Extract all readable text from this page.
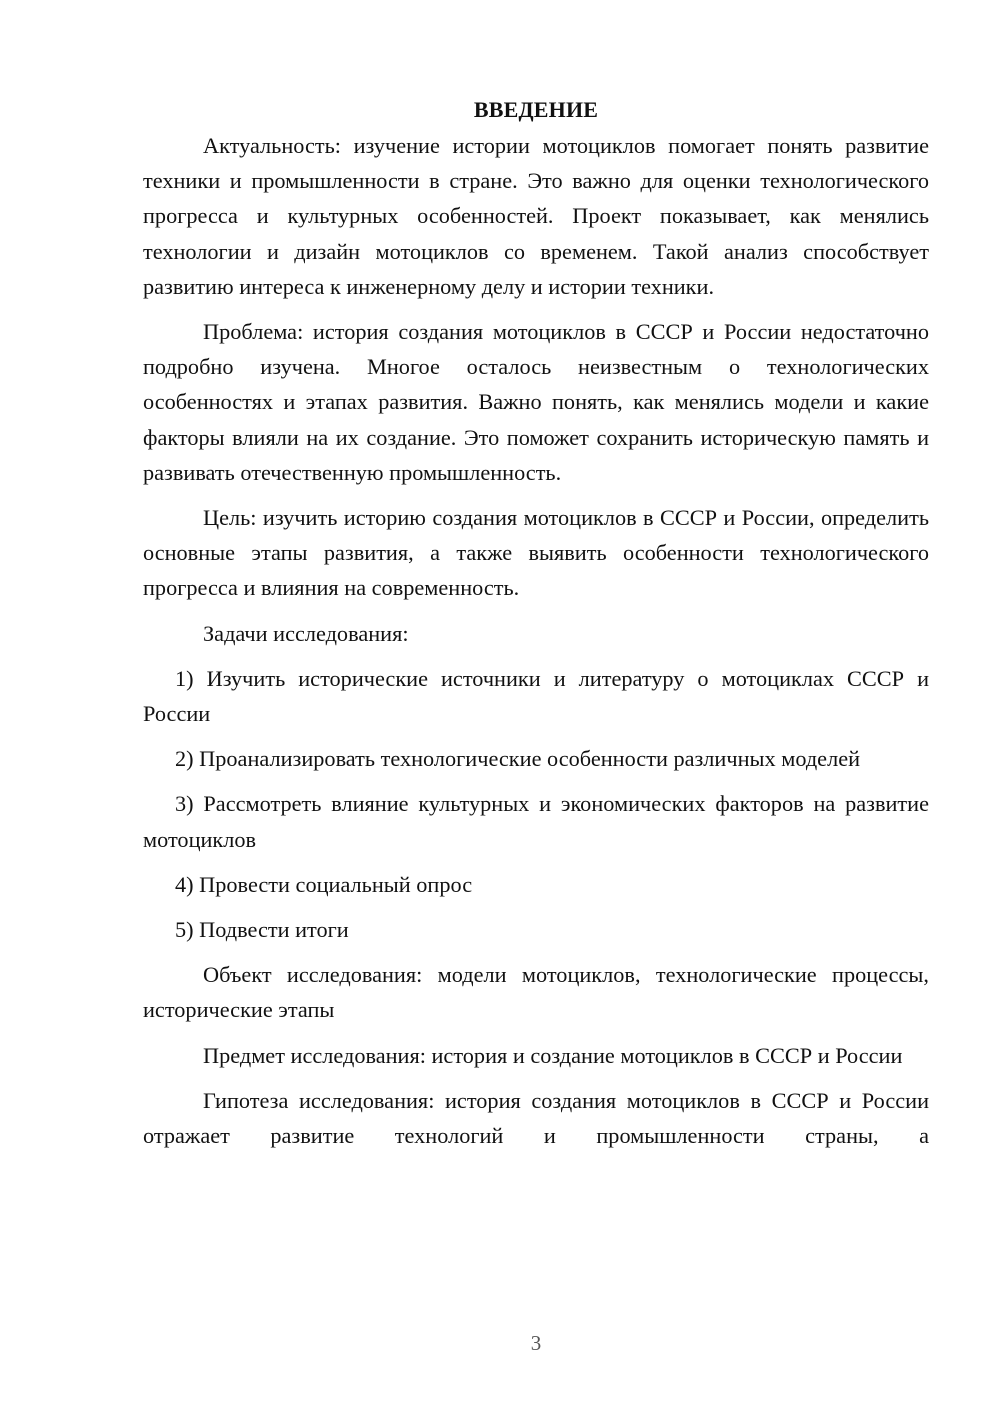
ВВЕДЕНИЕ

Актуальность: изучение истории мотоциклов помогает понять развитие техники и промышленности в стране. Это важно для оценки технологического прогресса и культурных особенностей. Проект показывает, как менялись технологии и дизайн мотоциклов со временем. Такой анализ способствует развитию интереса к инженерному делу и истории техники.

Проблема: история создания мотоциклов в СССР и России недостаточно подробно изучена. Многое осталось неизвестным о технологических особенностях и этапах развития. Важно понять, как менялись модели и какие факторы влияли на их создание. Это поможет сохранить историческую память и развивать отечественную промышленность.

Цель: изучить историю создания мотоциклов в СССР и России, определить основные этапы развития, а также выявить особенности технологического прогресса и влияния на современность.

Задачи исследования:

1) Изучить исторические источники и литературу о мотоциклах СССР и России

2) Проанализировать технологические особенности различных моделей

3) Рассмотреть влияние культурных и экономических факторов на развитие мотоциклов

4) Провести социальный опрос

5) Подвести итоги

Объект исследования: модели мотоциклов, технологические процессы, исторические этапы

Предмет исследования: история и создание мотоциклов в СССР и России

Гипотеза исследования: история создания мотоциклов в СССР и России отражает развитие технологий и промышленности страны, а

3
